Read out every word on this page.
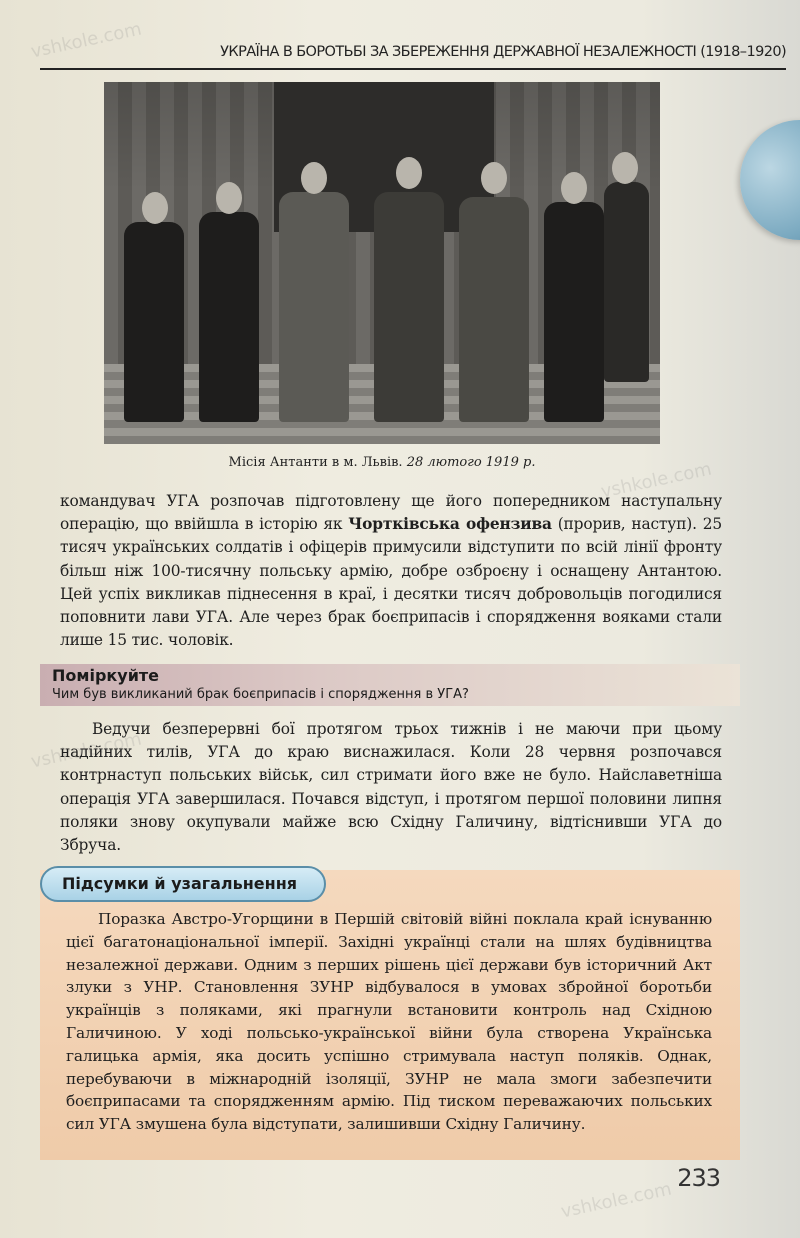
УКРАЇНА В БОРОТЬБІ ЗА ЗБЕРЕЖЕННЯ ДЕРЖАВНОЇ НЕЗАЛЕЖНОСТІ (1918–1920)
Місія Антанти в м. Львів. 28 лютого 1919 р.

командувач УГА розпочав підготовлену ще його попередником наступальну операцію, що ввійшла в історію як Чортківська офензива (прорив, наступ). 25 тисяч українських солдатів і офіцерів примусили відступити по всій лінії фронту більш ніж 100-тисячну польську армію, добре озброєну і оснащену Антантою. Цей успіх викликав піднесення в краї, і десятки тисяч добровольців погодилися поповнити лави УГА. Але через брак боєприпасів і спорядження вояками стали лише 15 тис. чоловік.

Поміркуйте
Чим був викликаний брак боєприпасів і спорядження в УГА?

Ведучи безперервні бої протягом трьох тижнів і не маючи при цьому надійних тилів, УГА до краю виснажилася. Коли 28 червня розпочався контрнаступ польських військ, сил стримати його вже не було. Найславетніша операція УГА завершилася. Почався відступ, і протягом першої половини липня поляки знову окупували майже всю Східну Галичину, відтіснивши УГА до Збруча.

Підсумки й узагальнення

Поразка Австро-Угорщини в Першій світовій війні поклала край існуванню цієї багатонаціональної імперії. Західні українці стали на шлях будівництва незалежної держави. Одним з перших рішень цієї держави був історичний Акт злуки з УНР. Становлення ЗУНР відбувалося в умовах збройної боротьби українців з поляками, які прагнули встановити контроль над Східною Галичиною. У ході польсько-української війни була створена Українська галицька армія, яка досить успішно стримувала наступ поляків. Однак, перебуваючи в міжнародній ізоляції, ЗУНР не мала змоги забезпечити боєприпасами та спорядженням армію. Під тиском переважаючих польських сил УГА змушена була відступати, залишивши Східну Галичину.

233
